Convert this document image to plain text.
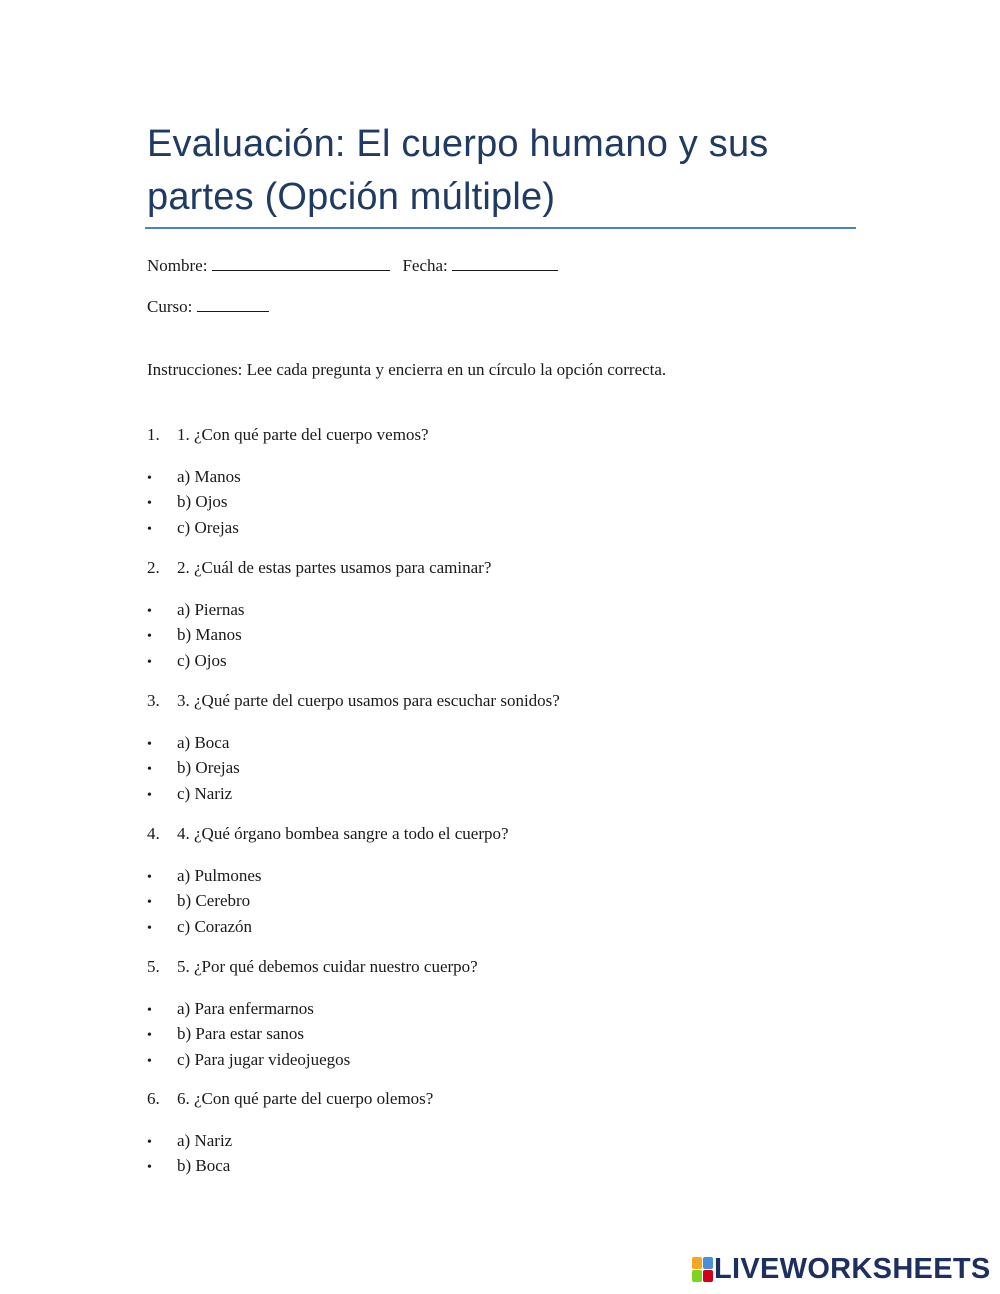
Evaluación: El cuerpo humano y sus partes (Opción múltiple)
Nombre:	Fecha:
Curso:
Instrucciones: Lee cada pregunta y encierra en un círculo la opción correcta.
1. 1. ¿Con qué parte del cuerpo vemos?
• a) Manos
• b) Ojos
• c) Orejas
2. 2. ¿Cuál de estas partes usamos para caminar?
• a) Piernas
• b) Manos
• c) Ojos
3. 3. ¿Qué parte del cuerpo usamos para escuchar sonidos?
• a) Boca
• b) Orejas
• c) Nariz
4. 4. ¿Qué órgano bombea sangre a todo el cuerpo?
• a) Pulmones
• b) Cerebro
• c) Corazón
5. 5. ¿Por qué debemos cuidar nuestro cuerpo?
• a) Para enfermarnos
• b) Para estar sanos
• c) Para jugar videojuegos
6. 6. ¿Con qué parte del cuerpo olemos?
• a) Nariz
• b) Boca
LIVEWORKSHEETS
